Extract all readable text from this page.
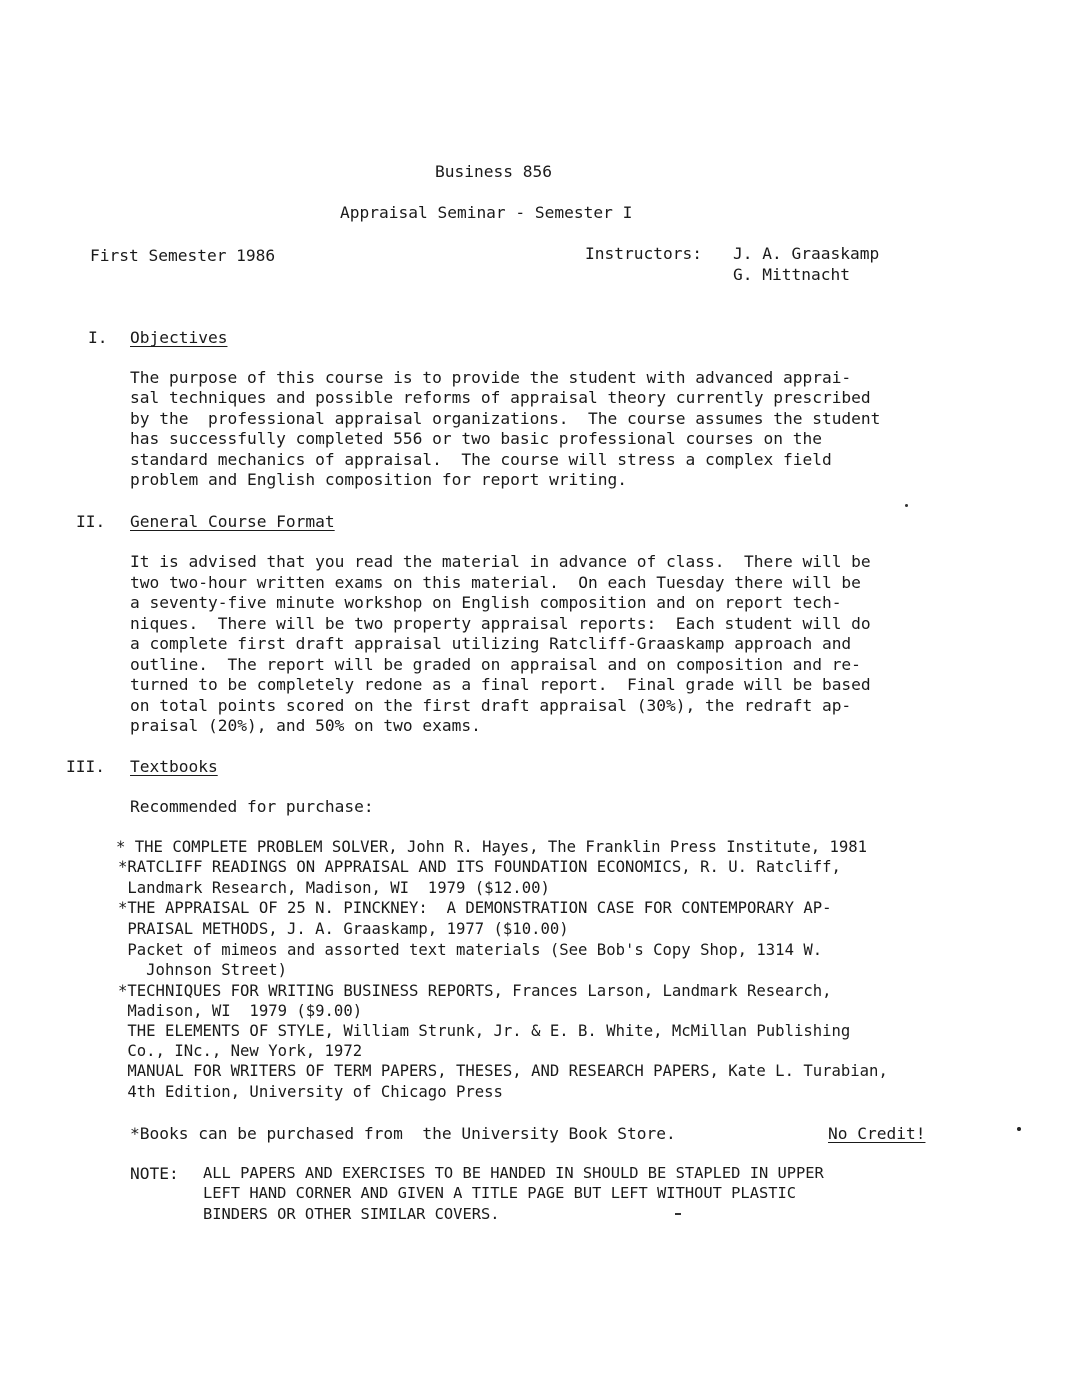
Business 856
Appraisal Seminar - Semester I
First Semester 1986	Instructors: J. A. Graaskamp
G. Mittnacht
I. Objectives
The purpose of this course is to provide the student with advanced apprai-
sal techniques and possible reforms of appraisal theory currently prescribed
by the  professional appraisal organizations.  The course assumes the student
has successfully completed 556 or two basic professional courses on the
standard mechanics of appraisal.  The course will stress a complex field
problem and English composition for report writing.
II. General Course Format
It is advised that you read the material in advance of class.  There will be
two two-hour written exams on this material.  On each Tuesday there will be
a seventy-five minute workshop on English composition and on report tech-
niques.  There will be two property appraisal reports:  Each student will do
a complete first draft appraisal utilizing Ratcliff-Graaskamp approach and
outline.  The report will be graded on appraisal and on composition and re-
turned to be completely redone as a final report.  Final grade will be based
on total points scored on the first draft appraisal (30%), the redraft ap-
praisal (20%), and 50% on two exams.
III. Textbooks
Recommended for purchase:
* THE COMPLETE PROBLEM SOLVER, John R. Hayes, The Franklin Press Institute, 1981
*RATCLIFF READINGS ON APPRAISAL AND ITS FOUNDATION ECONOMICS, R. U. Ratcliff,
Landmark Research, Madison, WI  1979 ($12.00)
*THE APPRAISAL OF 25 N. PINCKNEY:  A DEMONSTRATION CASE FOR CONTEMPORARY AP-
PRAISAL METHODS, J. A. Graaskamp, 1977 ($10.00)
Packet of mimeos and assorted text materials (See Bob's Copy Shop, 1314 W.
Johnson Street)
*TECHNIQUES FOR WRITING BUSINESS REPORTS, Frances Larson, Landmark Research,
Madison, WI  1979 ($9.00)
THE ELEMENTS OF STYLE, William Strunk, Jr. & E. B. White, McMillan Publishing
Co., INc., New York, 1972
MANUAL FOR WRITERS OF TERM PAPERS, THESES, AND RESEARCH PAPERS, Kate L. Turabian,
4th Edition, University of Chicago Press
*Books can be purchased from  the University Book Store.	No Credit!
NOTE: ALL PAPERS AND EXERCISES TO BE HANDED IN SHOULD BE STAPLED IN UPPER
LEFT HAND CORNER AND GIVEN A TITLE PAGE BUT LEFT WITHOUT PLASTIC
BINDERS OR OTHER SIMILAR COVERS.
